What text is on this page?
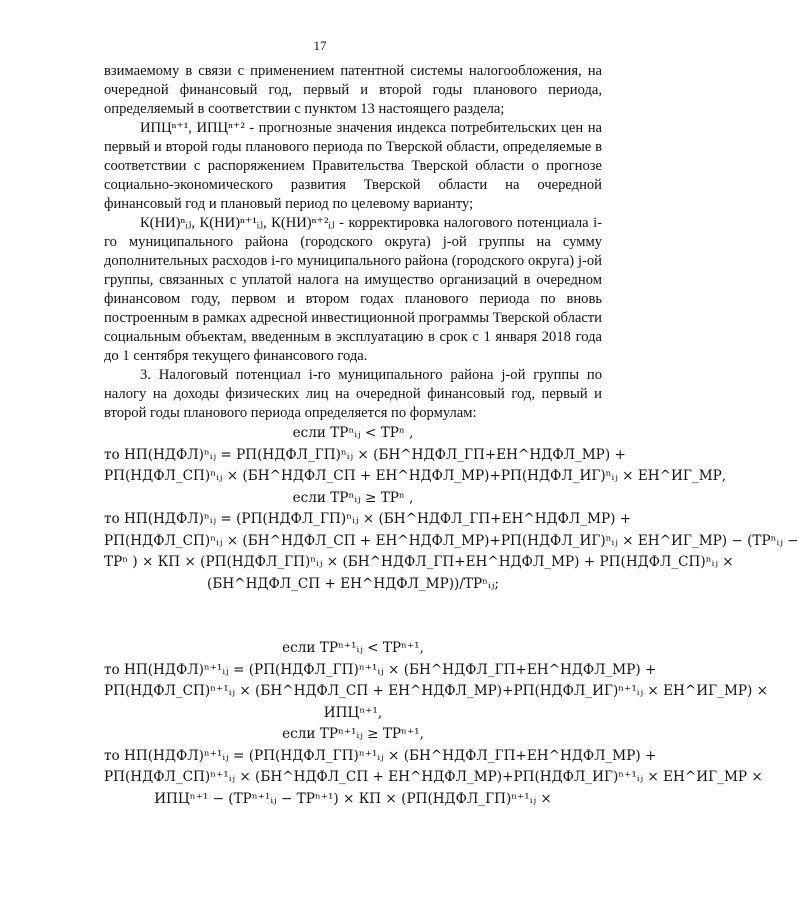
17

взимаемому в связи с применением патентной системы налогообложения, на очередной финансовый год, первый и второй годы планового периода, определяемый в соответствии с пунктом 13 настоящего раздела;

ИПЦⁿ⁺¹, ИПЦⁿ⁺² - прогнозные значения индекса потребительских цен на первый и второй годы планового периода по Тверской области, определяемые в соответствии с распоряжением Правительства Тверской области о прогнозе социально-экономического развития Тверской области на очередной финансовый год и плановый период по целевому варианту;

К(НИ)ⁿᵢⱼ, К(НИ)ⁿ⁺¹ᵢⱼ, К(НИ)ⁿ⁺²ᵢⱼ - корректировка налогового потенциала i-го муниципального района (городского округа) j-ой группы на сумму дополнительных расходов i-го муниципального района (городского округа) j-ой группы, связанных с уплатой налога на имущество организаций в очередном финансовом году, первом и втором годах планового периода по вновь построенным в рамках адресной инвестиционной программы Тверской области социальным объектам, введенным в эксплуатацию в срок с 1 января 2018 года до 1 сентября текущего финансового года.

3. Налоговый потенциал i-го муниципального района j-ой группы по налогу на доходы физических лиц на очередной финансовый год, первый и второй годы планового периода определяется по формулам:

если TPⁿᵢⱼ < TPⁿ ,
то НП(НДФЛ)ⁿᵢⱼ = РП(НДФЛ_ГП)ⁿᵢⱼ × (БН^НДФЛ_ГП+ЕН^НДФЛ_МР) +
РП(НДФЛ_СП)ⁿᵢⱼ × (БН^НДФЛ_СП + ЕН^НДФЛ_МР)+РП(НДФЛ_ИГ)ⁿᵢⱼ × ЕН^ИГ_МР,
если TPⁿᵢⱼ ≥ TPⁿ ,
то НП(НДФЛ)ⁿᵢⱼ = (РП(НДФЛ_ГП)ⁿᵢⱼ × (БН^НДФЛ_ГП+ЕН^НДФЛ_МР) +
РП(НДФЛ_СП)ⁿᵢⱼ × (БН^НДФЛ_СП + ЕН^НДФЛ_МР)+РП(НДФЛ_ИГ)ⁿᵢⱼ × ЕН^ИГ_МР) − (TPⁿᵢⱼ −
TPⁿ ) × КП × (РП(НДФЛ_ГП)ⁿᵢⱼ × (БН^НДФЛ_ГП+ЕН^НДФЛ_МР) + РП(НДФЛ_СП)ⁿᵢⱼ ×
(БН^НДФЛ_СП + ЕН^НДФЛ_МР))/TPⁿᵢⱼ;
если TPⁿ⁺¹ᵢⱼ < TPⁿ⁺¹,
то НП(НДФЛ)ⁿ⁺¹ᵢⱼ = (РП(НДФЛ_ГП)ⁿ⁺¹ᵢⱼ × (БН^НДФЛ_ГП+ЕН^НДФЛ_МР) +
РП(НДФЛ_СП)ⁿ⁺¹ᵢⱼ × (БН^НДФЛ_СП + ЕН^НДФЛ_МР)+РП(НДФЛ_ИГ)ⁿ⁺¹ᵢⱼ × ЕН^ИГ_МР) ×
ИПЦⁿ⁺¹,
если TPⁿ⁺¹ᵢⱼ ≥ TPⁿ⁺¹,
то НП(НДФЛ)ⁿ⁺¹ᵢⱼ = (РП(НДФЛ_ГП)ⁿ⁺¹ᵢⱼ × (БН^НДФЛ_ГП+ЕН^НДФЛ_МР) +
РП(НДФЛ_СП)ⁿ⁺¹ᵢⱼ × (БН^НДФЛ_СП + ЕН^НДФЛ_МР)+РП(НДФЛ_ИГ)ⁿ⁺¹ᵢⱼ × ЕН^ИГ_МР ×
ИПЦⁿ⁺¹ − (TPⁿ⁺¹ᵢⱼ − TPⁿ⁺¹) × КП × (РП(НДФЛ_ГП)ⁿ⁺¹ᵢⱼ ×
